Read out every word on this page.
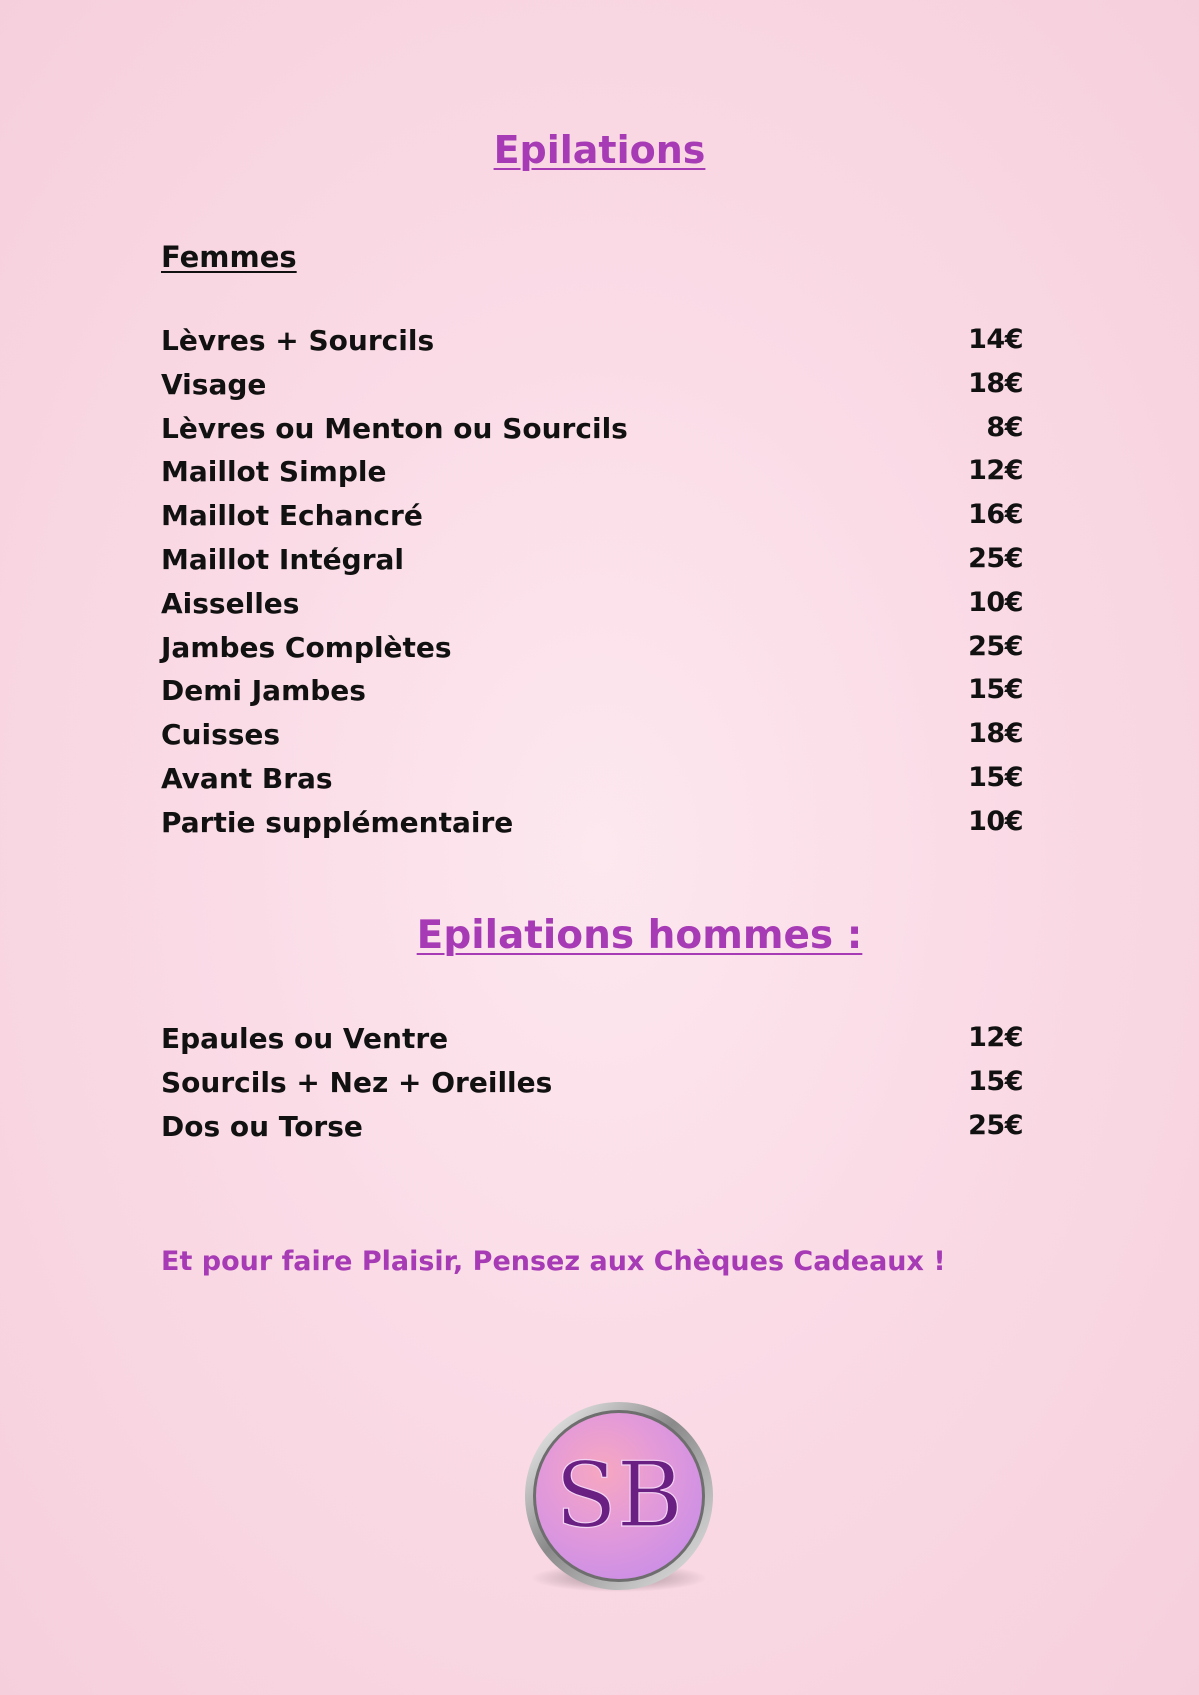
Epilations
Femmes
Lèvres + Sourcils	14€
Visage	18€
Lèvres ou Menton ou Sourcils	8€
Maillot Simple	12€
Maillot Echancré	16€
Maillot Intégral	25€
Aisselles	10€
Jambes Complètes	25€
Demi Jambes	15€
Cuisses	18€
Avant Bras	15€
Partie supplémentaire	10€
Epilations hommes :
Epaules ou Ventre	12€
Sourcils + Nez + Oreilles	15€
Dos ou Torse	25€
Et pour faire Plaisir, Pensez aux Chèques Cadeaux !
SB
